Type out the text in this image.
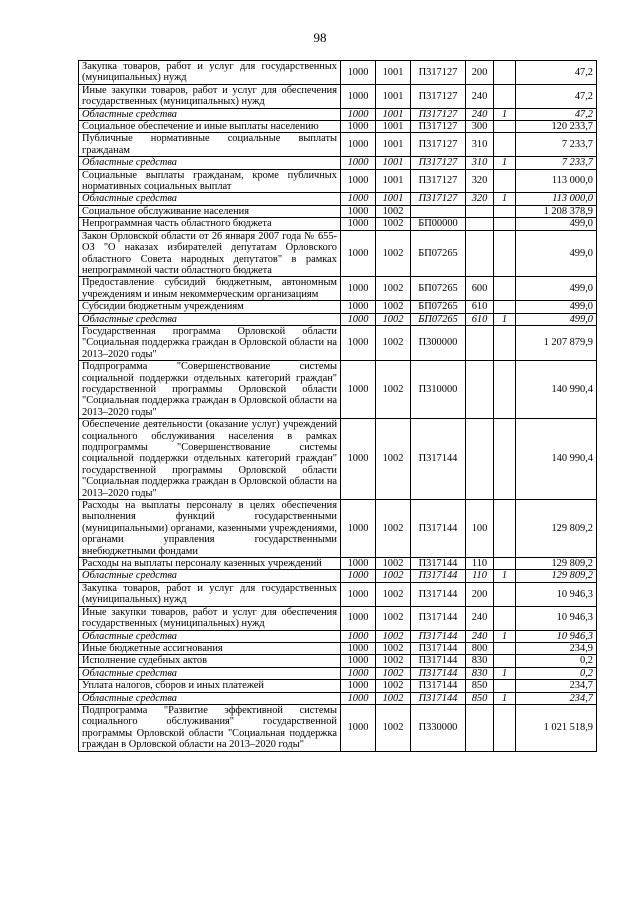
98
Закупка товаров, работ и услуг для государственных (муниципальных) нужд	1000	1001	П317127	200		47,2
Иные закупки товаров, работ и услуг для обеспечения государственных (муниципальных) нужд	1000	1001	П317127	240		47,2
Областные средства	1000	1001	П317127	240	1	47,2
Социальное обеспечение и иные выплаты населению	1000	1001	П317127	300		120 233,7
Публичные нормативные социальные выплаты гражданам	1000	1001	П317127	310		7 233,7
Областные средства	1000	1001	П317127	310	1	7 233,7
Социальные выплаты гражданам, кроме публичных нормативных социальных выплат	1000	1001	П317127	320		113 000,0
Областные средства	1000	1001	П317127	320	1	113 000,0
Социальное обслуживание населения	1000	1002				1 208 378,9
Непрограммная часть областного бюджета	1000	1002	БП00000			499,0
Закон Орловской области от 26 января 2007 года № 655-ОЗ "О наказах избирателей депутатам Орловского областного Совета народных депутатов" в рамках непрограммной части областного бюджета	1000	1002	БП07265			499,0
Предоставление субсидий бюджетным, автономным учреждениям и иным некоммерческим организациям	1000	1002	БП07265	600		499,0
Субсидии бюджетным учреждениям	1000	1002	БП07265	610		499,0
Областные средства	1000	1002	БП07265	610	1	499,0
Государственная программа Орловской области "Социальная поддержка граждан в Орловской области на 2013–2020 годы"	1000	1002	П300000			1 207 879,9
Подпрограмма "Совершенствование системы социальной поддержки отдельных категорий граждан" государственной программы Орловской области "Социальная поддержка граждан в Орловской области на 2013–2020 годы"	1000	1002	П310000			140 990,4
Обеспечение деятельности (оказание услуг) учреждений социального обслуживания населения в рамках подпрограммы "Совершенствование системы социальной поддержки отдельных категорий граждан" государственной программы Орловской области "Социальная поддержка граждан в Орловской области на 2013–2020 годы"	1000	1002	П317144			140 990,4
Расходы на выплаты персоналу в целях обеспечения выполнения функций государственными (муниципальными) органами, казенными учреждениями, органами управления государственными внебюджетными фондами	1000	1002	П317144	100		129 809,2
Расходы на выплаты персоналу казенных учреждений	1000	1002	П317144	110		129 809,2
Областные средства	1000	1002	П317144	110	1	129 809,2
Закупка товаров, работ и услуг для государственных (муниципальных) нужд	1000	1002	П317144	200		10 946,3
Иные закупки товаров, работ и услуг для обеспечения государственных (муниципальных) нужд	1000	1002	П317144	240		10 946,3
Областные средства	1000	1002	П317144	240	1	10 946,3
Иные бюджетные ассигнования	1000	1002	П317144	800		234,9
Исполнение судебных актов	1000	1002	П317144	830		0,2
Областные средства	1000	1002	П317144	830	1	0,2
Уплата налогов, сборов и иных платежей	1000	1002	П317144	850		234,7
Областные средства	1000	1002	П317144	850	1	234,7
Подпрограмма "Развитие эффективной системы социального обслуживания" государственной программы Орловской области "Социальная поддержка граждан в Орловской области на 2013–2020 годы"	1000	1002	П330000			1 021 518,9
